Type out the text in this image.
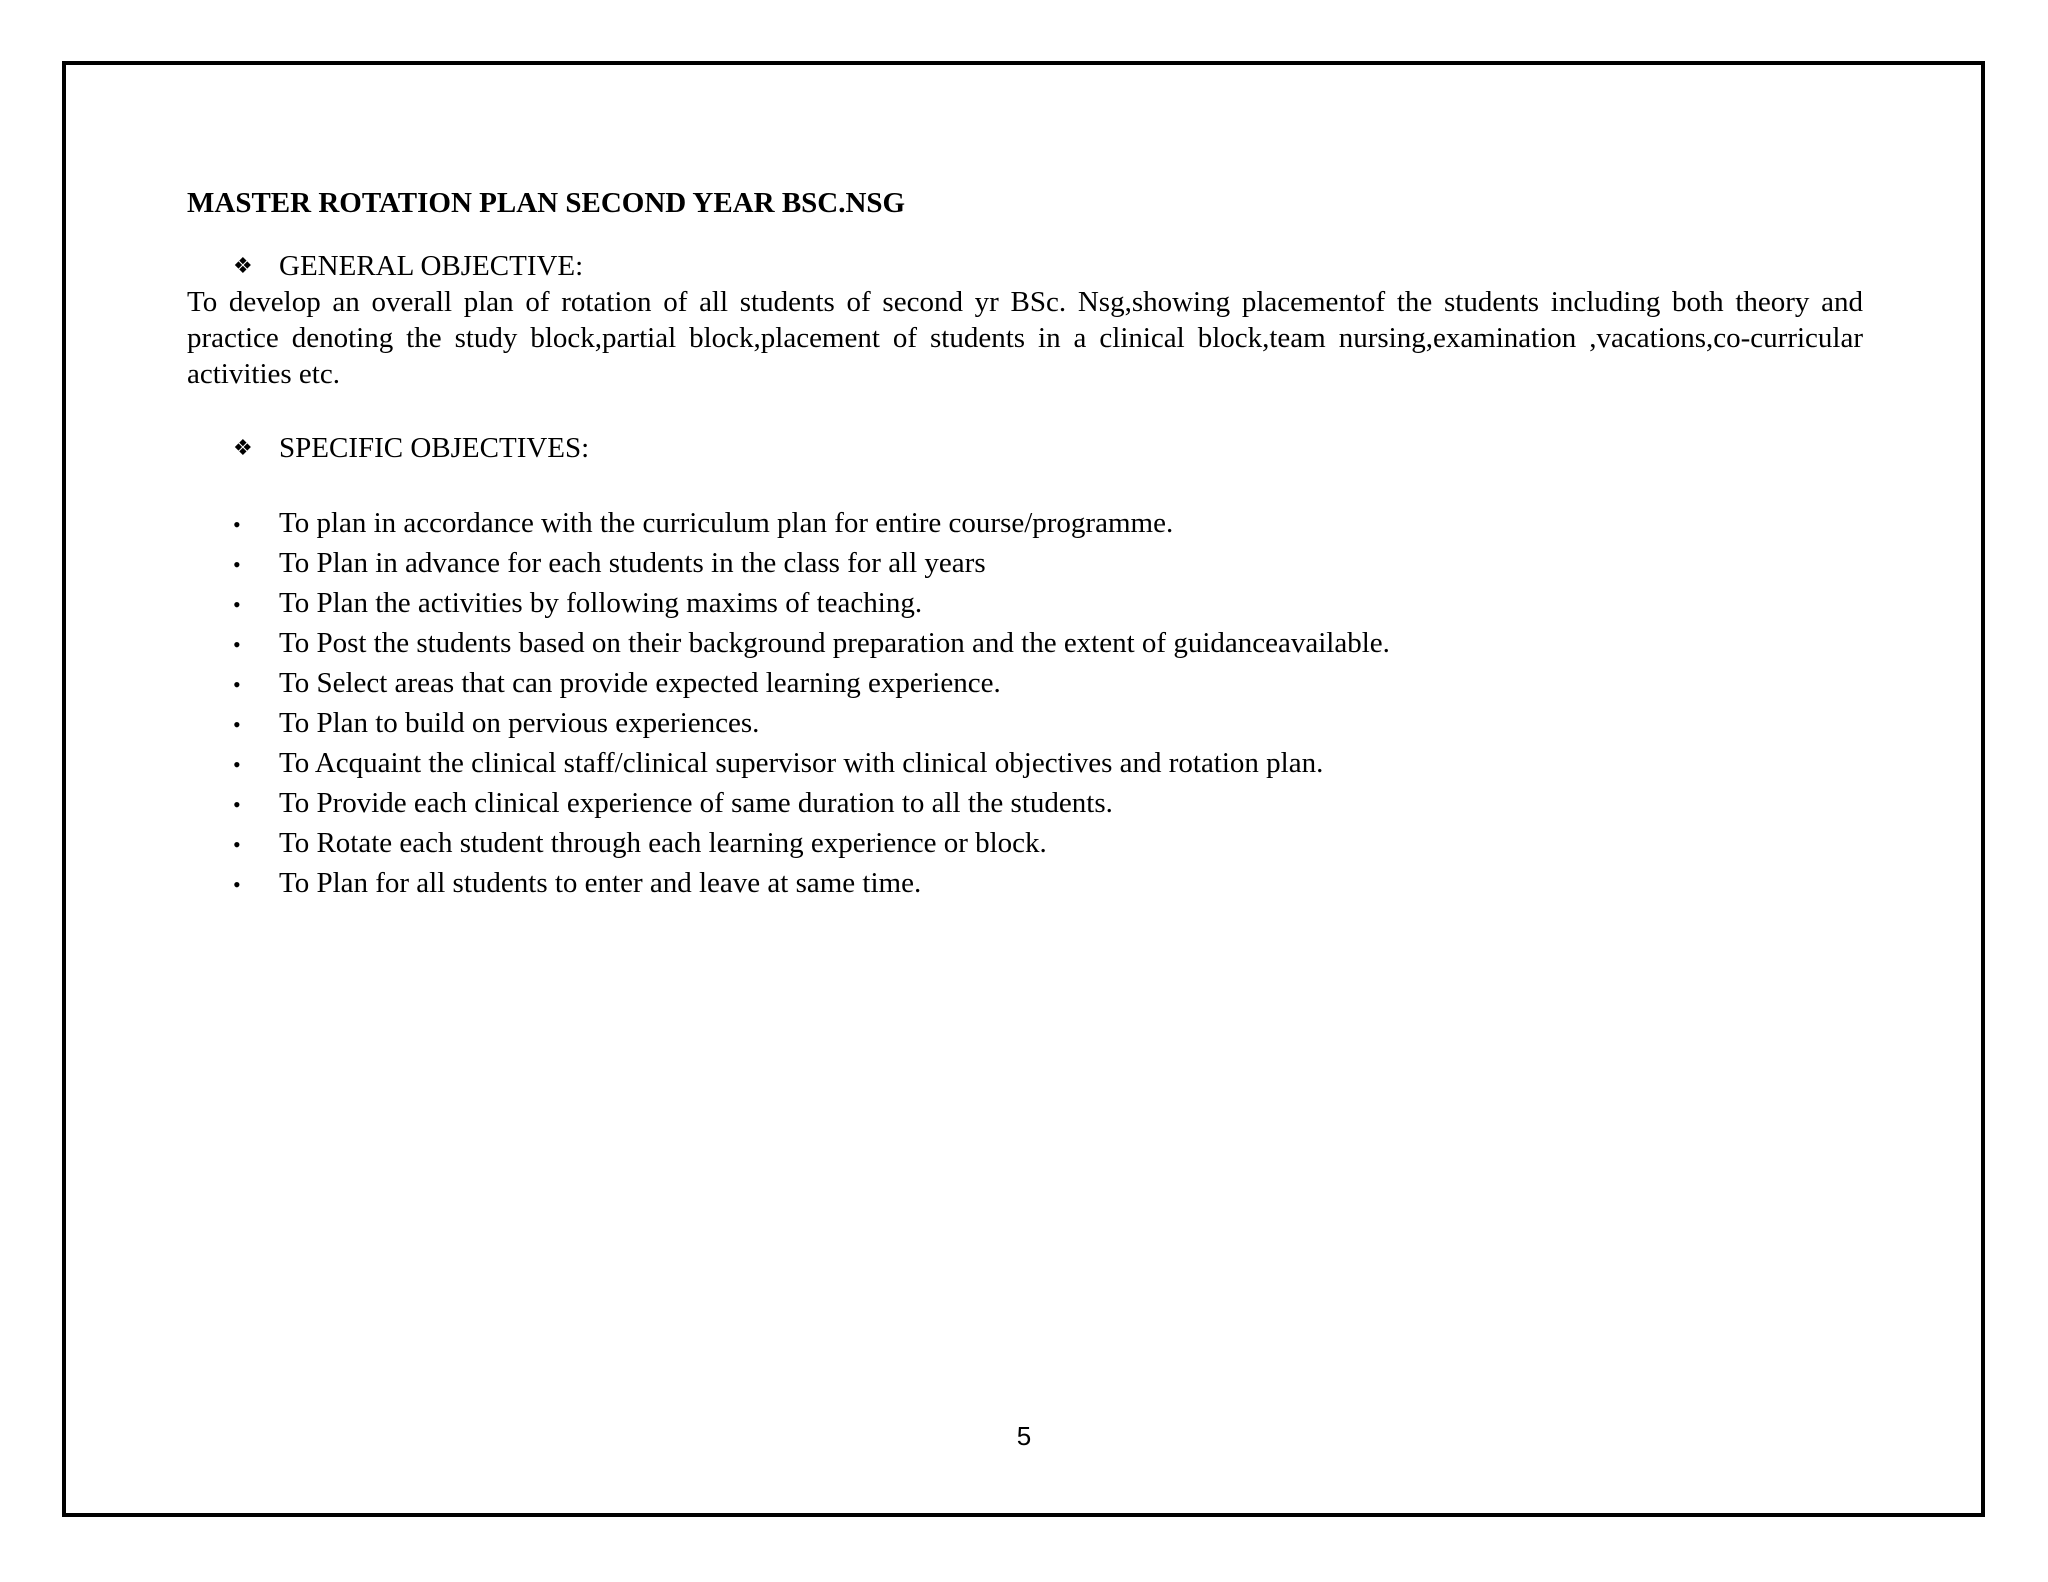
MASTER ROTATION PLAN SECOND YEAR BSC.NSG
❖ GENERAL OBJECTIVE:

To develop an overall plan of rotation of all students of second yr BSc. Nsg,showing placementof the students including both theory and practice denoting the study block,partial block,placement of students in a clinical block,team nursing,examination ,vacations,co-curricular activities etc.

❖ SPECIFIC OBJECTIVES:
•	To plan in accordance with the curriculum plan for entire course/programme.
•	To Plan in advance for each students in the class for all years
•	To Plan the activities by following maxims of teaching.
•	To Post the students based on their background preparation and the extent of guidanceavailable.
•	To Select areas that can provide expected learning experience.
•	To Plan to build on pervious experiences.
•	To Acquaint the clinical staff/clinical supervisor with clinical objectives and rotation plan.
•	To Provide each clinical experience of same duration to all the students.
•	To Rotate each student through each learning experience or block.
•	To Plan for all students to enter and leave at same time.
5
